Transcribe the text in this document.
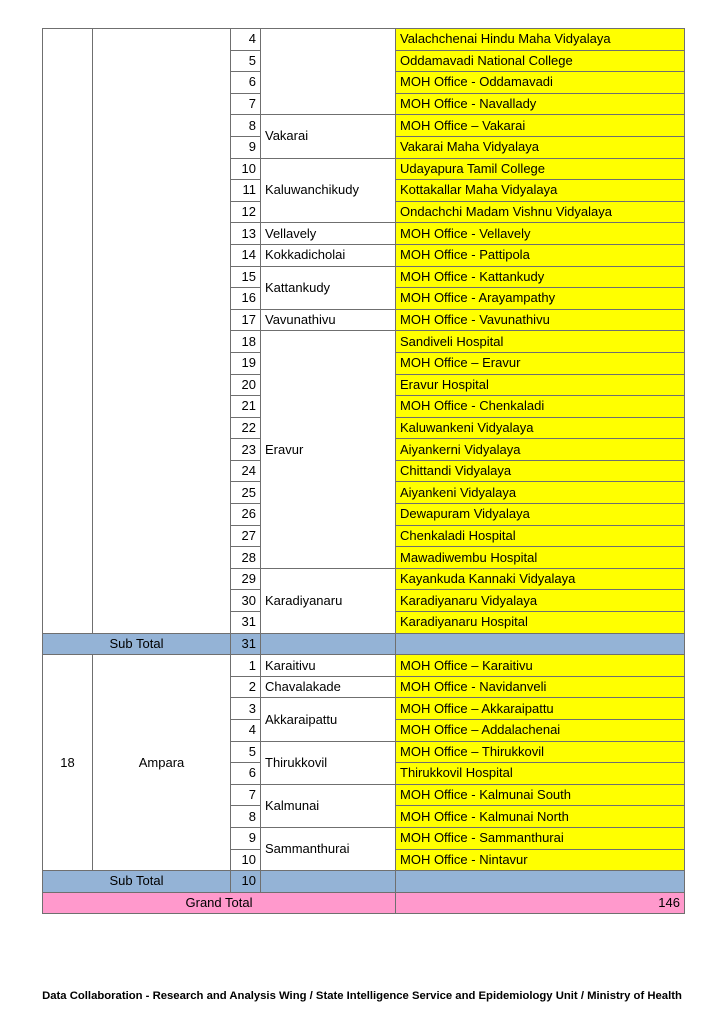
		4		Valachchenai Hindu Maha Vidyalaya
		5		Oddamavadi National College
		6		MOH Office - Oddamavadi
		7		MOH Office - Navallady
		8	Vakarai	MOH Office – Vakarai
		9		Vakarai Maha Vidyalaya
		10	Kaluwanchikudy	Udayapura Tamil College
		11		Kottakallar Maha Vidyalaya
		12		Ondachchi Madam Vishnu Vidyalaya
		13	Vellavely	MOH Office - Vellavely
		14	Kokkadicholai	MOH Office - Pattipola
		15	Kattankudy	MOH Office - Kattankudy
		16		MOH Office - Arayampathy
		17	Vavunathivu	MOH Office - Vavunathivu
		18	Eravur	Sandiveli Hospital
		19		MOH Office – Eravur
		20		Eravur Hospital
		21		MOH Office - Chenkaladi
		22		Kaluwankeni Vidyalaya
		23		Aiyankerni Vidyalaya
		24		Chittandi Vidyalaya
		25		Aiyankeni Vidyalaya
		26		Dewapuram Vidyalaya
		27		Chenkaladi Hospital
		28		Mawadiwembu Hospital
		29	Karadiyanaru	Kayankuda Kannaki Vidyalaya
		30		Karadiyanaru Vidyalaya
		31		Karadiyanaru Hospital
Sub Total		31		
18	Ampara	1	Karaitivu	MOH Office – Karaitivu
		2	Chavalakade	MOH Office - Navidanveli
		3	Akkaraipattu	MOH Office – Akkaraipattu
		4		MOH Office – Addalachenai
		5	Thirukkovil	MOH Office – Thirukkovil
		6		Thirukkovil Hospital
		7	Kalmunai	MOH Office - Kalmunai South
		8		MOH Office - Kalmunai North
		9	Sammanthurai	MOH Office - Sammanthurai
		10		MOH Office - Nintavur
Sub Total		10		
Grand Total				146
Data Collaboration - Research and Analysis Wing / State Intelligence Service and Epidemiology Unit / Ministry of Health
